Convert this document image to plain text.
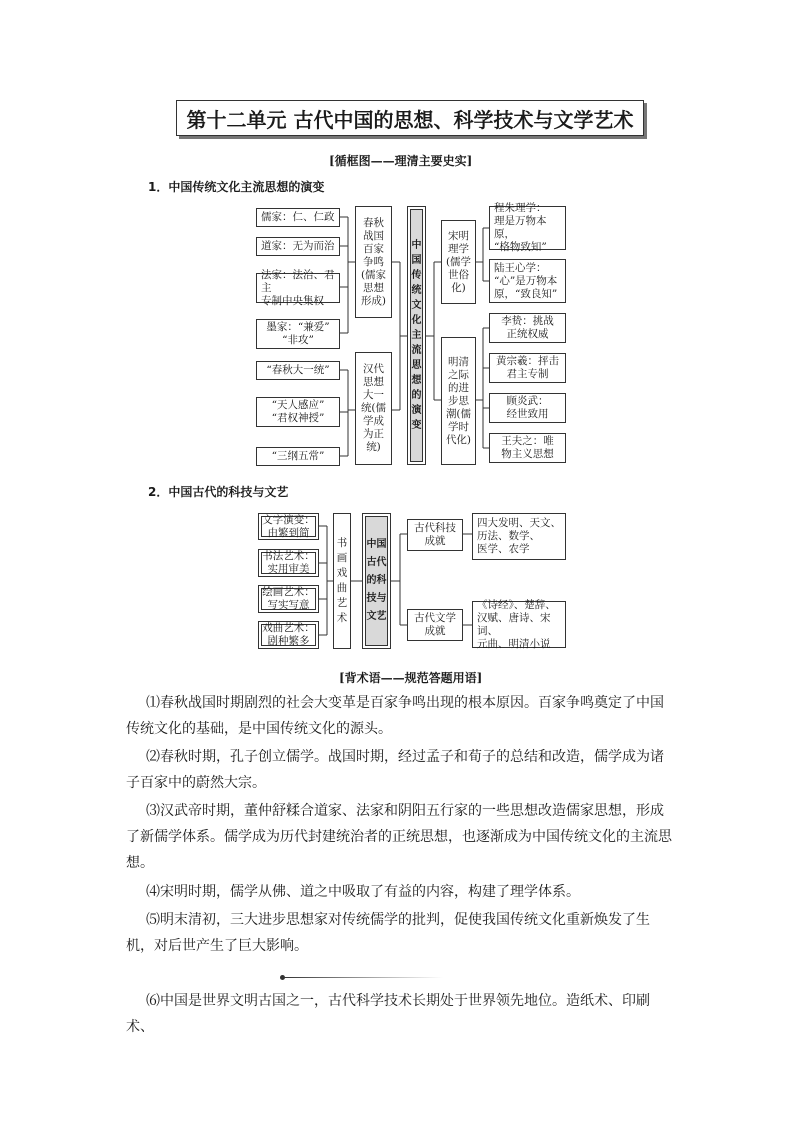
第十二单元 古代中国的思想、科学技术与文学艺术
[循框图——理清主要史实]
1．中国传统文化主流思想的演变
儒家：仁、仁政
道家：无为而治
法家：法治、君主
专制中央集权
墨家：“兼爱”
“非攻”
“春秋大一统”
“天人感应”
“君权神授”
“三纲五常”
春秋
战国
百家
争鸣
(儒家
思想
形成)
汉代
思想
大一
统(儒
学成
为正
统)
中
国
传
统
文
化
主
流
思
想
的
演
变
宋明
理学
(儒学
世俗
化)
明清
之际
的进
步思
潮(儒
学时
代化)
程朱理学：
理是万物本原，
“格物致知”
陆王心学：
“心”是万物本
原，“致良知”
李贽：挑战
正统权威
黄宗羲：抨击
君主专制
顾炎武：
经世致用
王夫之：唯
物主义思想
2．中国古代的科技与文艺
文字演变：
由繁到简
书法艺术：
实用审美
绘画艺术：
写实写意
戏曲艺术：
剧种繁多
书
画
戏
曲
艺
术
中国
古代
的科
技与
文艺
古代科技
成就
古代文学
成就
四大发明、天文、
历法、数学、
医学、农学
《诗经》、楚辞、
汉赋、唐诗、宋词、
元曲、明清小说
[背术语——规范答题用语]
⑴春秋战国时期剧烈的社会大变革是百家争鸣出现的根本原因。百家争鸣奠定了中国传统文化的基础，是中国传统文化的源头。
⑵春秋时期，孔子创立儒学。战国时期，经过孟子和荀子的总结和改造，儒学成为诸子百家中的蔚然大宗。
⑶汉武帝时期，董仲舒糅合道家、法家和阴阳五行家的一些思想改造儒家思想，形成了新儒学体系。儒学成为历代封建统治者的正统思想，也逐渐成为中国传统文化的主流思想。
⑷宋明时期，儒学从佛、道之中吸取了有益的内容，构建了理学体系。
⑸明末清初，三大进步思想家对传统儒学的批判，促使我国传统文化重新焕发了生机，对后世产生了巨大影响。
⑹中国是世界文明古国之一，古代科学技术长期处于世界领先地位。造纸术、印刷术、
